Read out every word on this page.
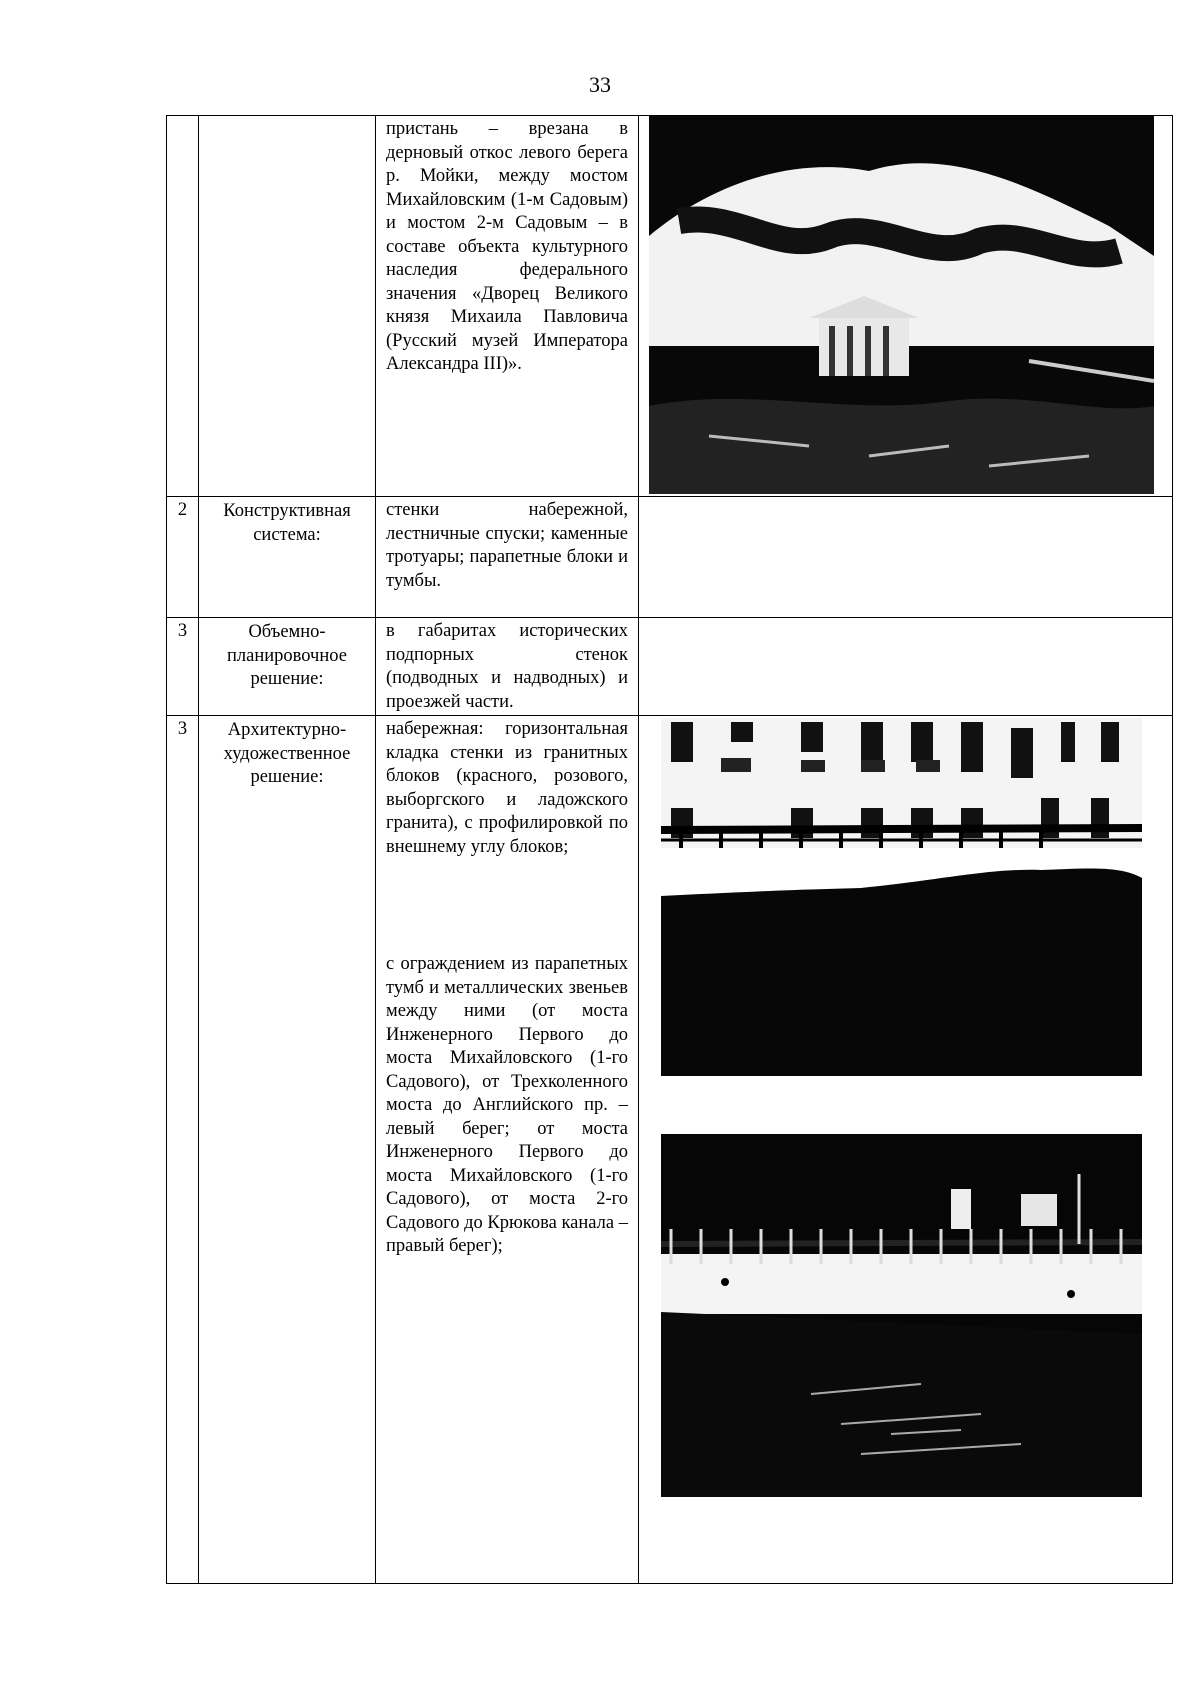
33

		пристань – врезана в дерновый откос левого берега р. Мойки, между мостом Михайловским (1-м Садовым) и мостом 2-м Садовым – в составе объекта культурного наследия федерального значения «Дворец Великого князя Михаила Павловича (Русский музей Императора Александра III)».

2	Конструктивная система:	стенки набережной, лестничные спуски; каменные тротуары; парапетные блоки и тумбы.	

3	Объемно-планировочное решение:	в габаритах исторических подпорных стенок (подводных и надводных) и проезжей части.	

3	Архитектурно-художественное решение:	набережная: горизонтальная кладка стенки из гранитных блоков (красного, розового, выборгского и ладожского гранита), с профилировкой по внешнему углу блоков;
с ограждением из парапетных тумб и металлических звеньев между ними (от моста Инженерного Первого до моста Михайловского (1-го Садового), от Трехколенного моста до Английского пр. – левый берег; от моста Инженерного Первого до моста Михайловского (1-го Садового), от моста 2-го Садового до Крюкова канала – правый берег);
